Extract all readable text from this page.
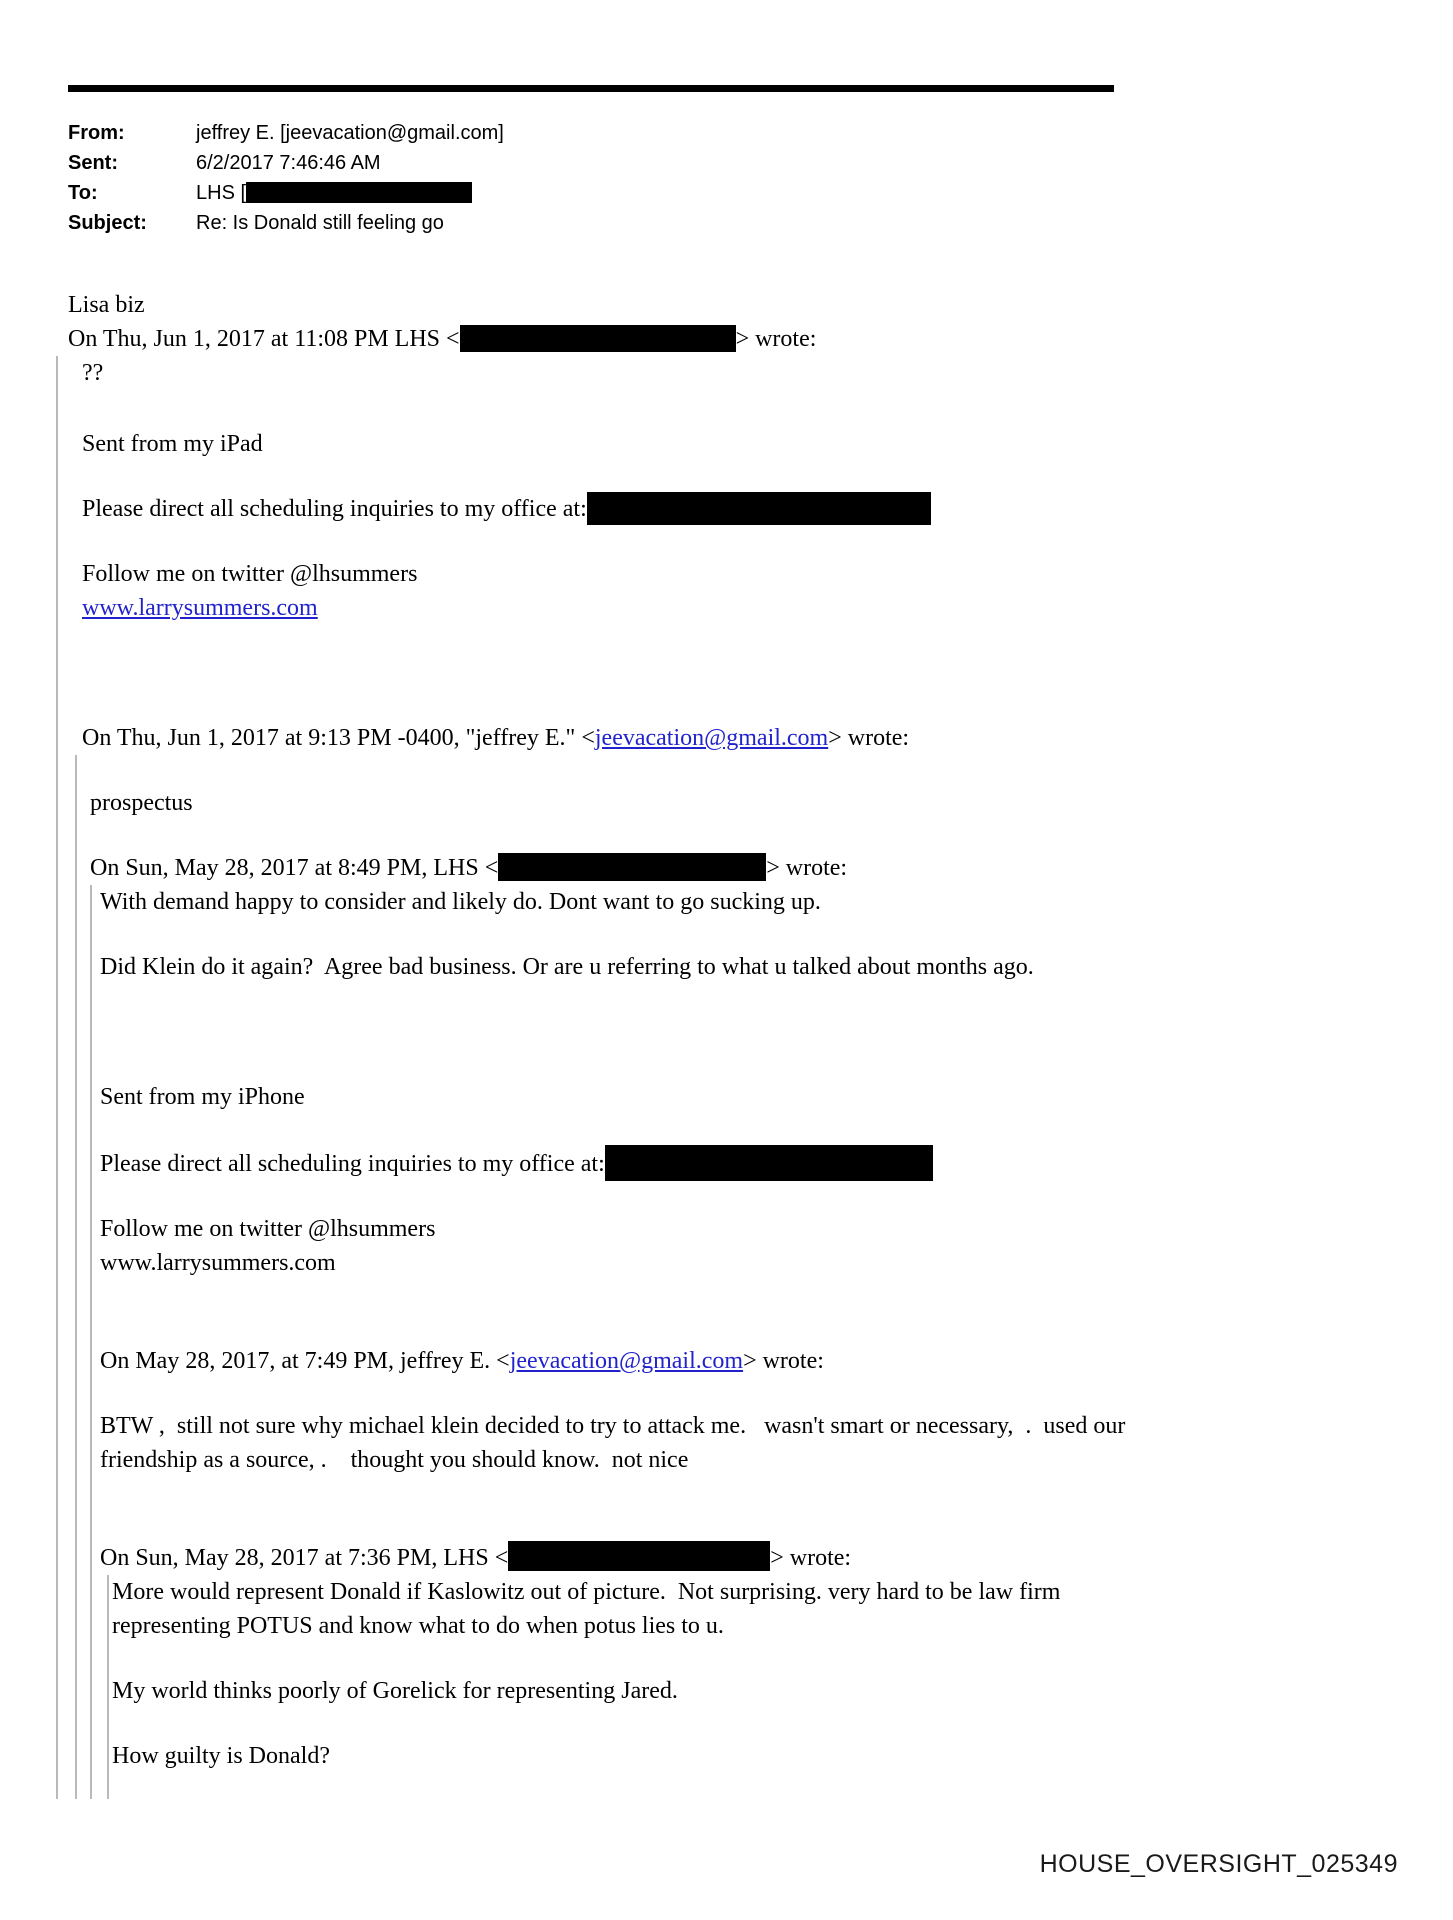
From:	jeffrey E. [jeevacation@gmail.com]
Sent:	6/2/2017 7:46:46 AM
To:	LHS [
Subject:	Re: Is Donald still feeling go

Lisa biz

On Thu, Jun 1, 2017 at 11:08 PM LHS <	> wrote:

??

Sent from my iPad

Please direct all scheduling inquiries to my office at:

Follow me on twitter @lhsummers

www.larrysummers.com

On Thu, Jun 1, 2017 at 9:13 PM -0400, "jeffrey E." <jeevacation@gmail.com> wrote:

prospectus

On Sun, May 28, 2017 at 8:49 PM, LHS <	> wrote:

With demand happy to consider and likely do. Dont want to go sucking up.

Did Klein do it again?  Agree bad business. Or are u referring to what u talked about months ago.

Sent from my iPhone

Please direct all scheduling inquiries to my office at:

Follow me on twitter @lhsummers

www.larrysummers.com

On May 28, 2017, at 7:49 PM, jeffrey E. <jeevacation@gmail.com> wrote:

BTW ,  still not sure why michael klein decided to try to attack me.   wasn't smart or necessary,  .  used our
friendship as a source, .    thought you should know.  not nice

On Sun, May 28, 2017 at 7:36 PM, LHS <	> wrote:

More would represent Donald if Kaslowitz out of picture.  Not surprising. very hard to be law firm
representing POTUS and know what to do when potus lies to u.

My world thinks poorly of Gorelick for representing Jared.

How guilty is Donald?

HOUSE_OVERSIGHT_025349
